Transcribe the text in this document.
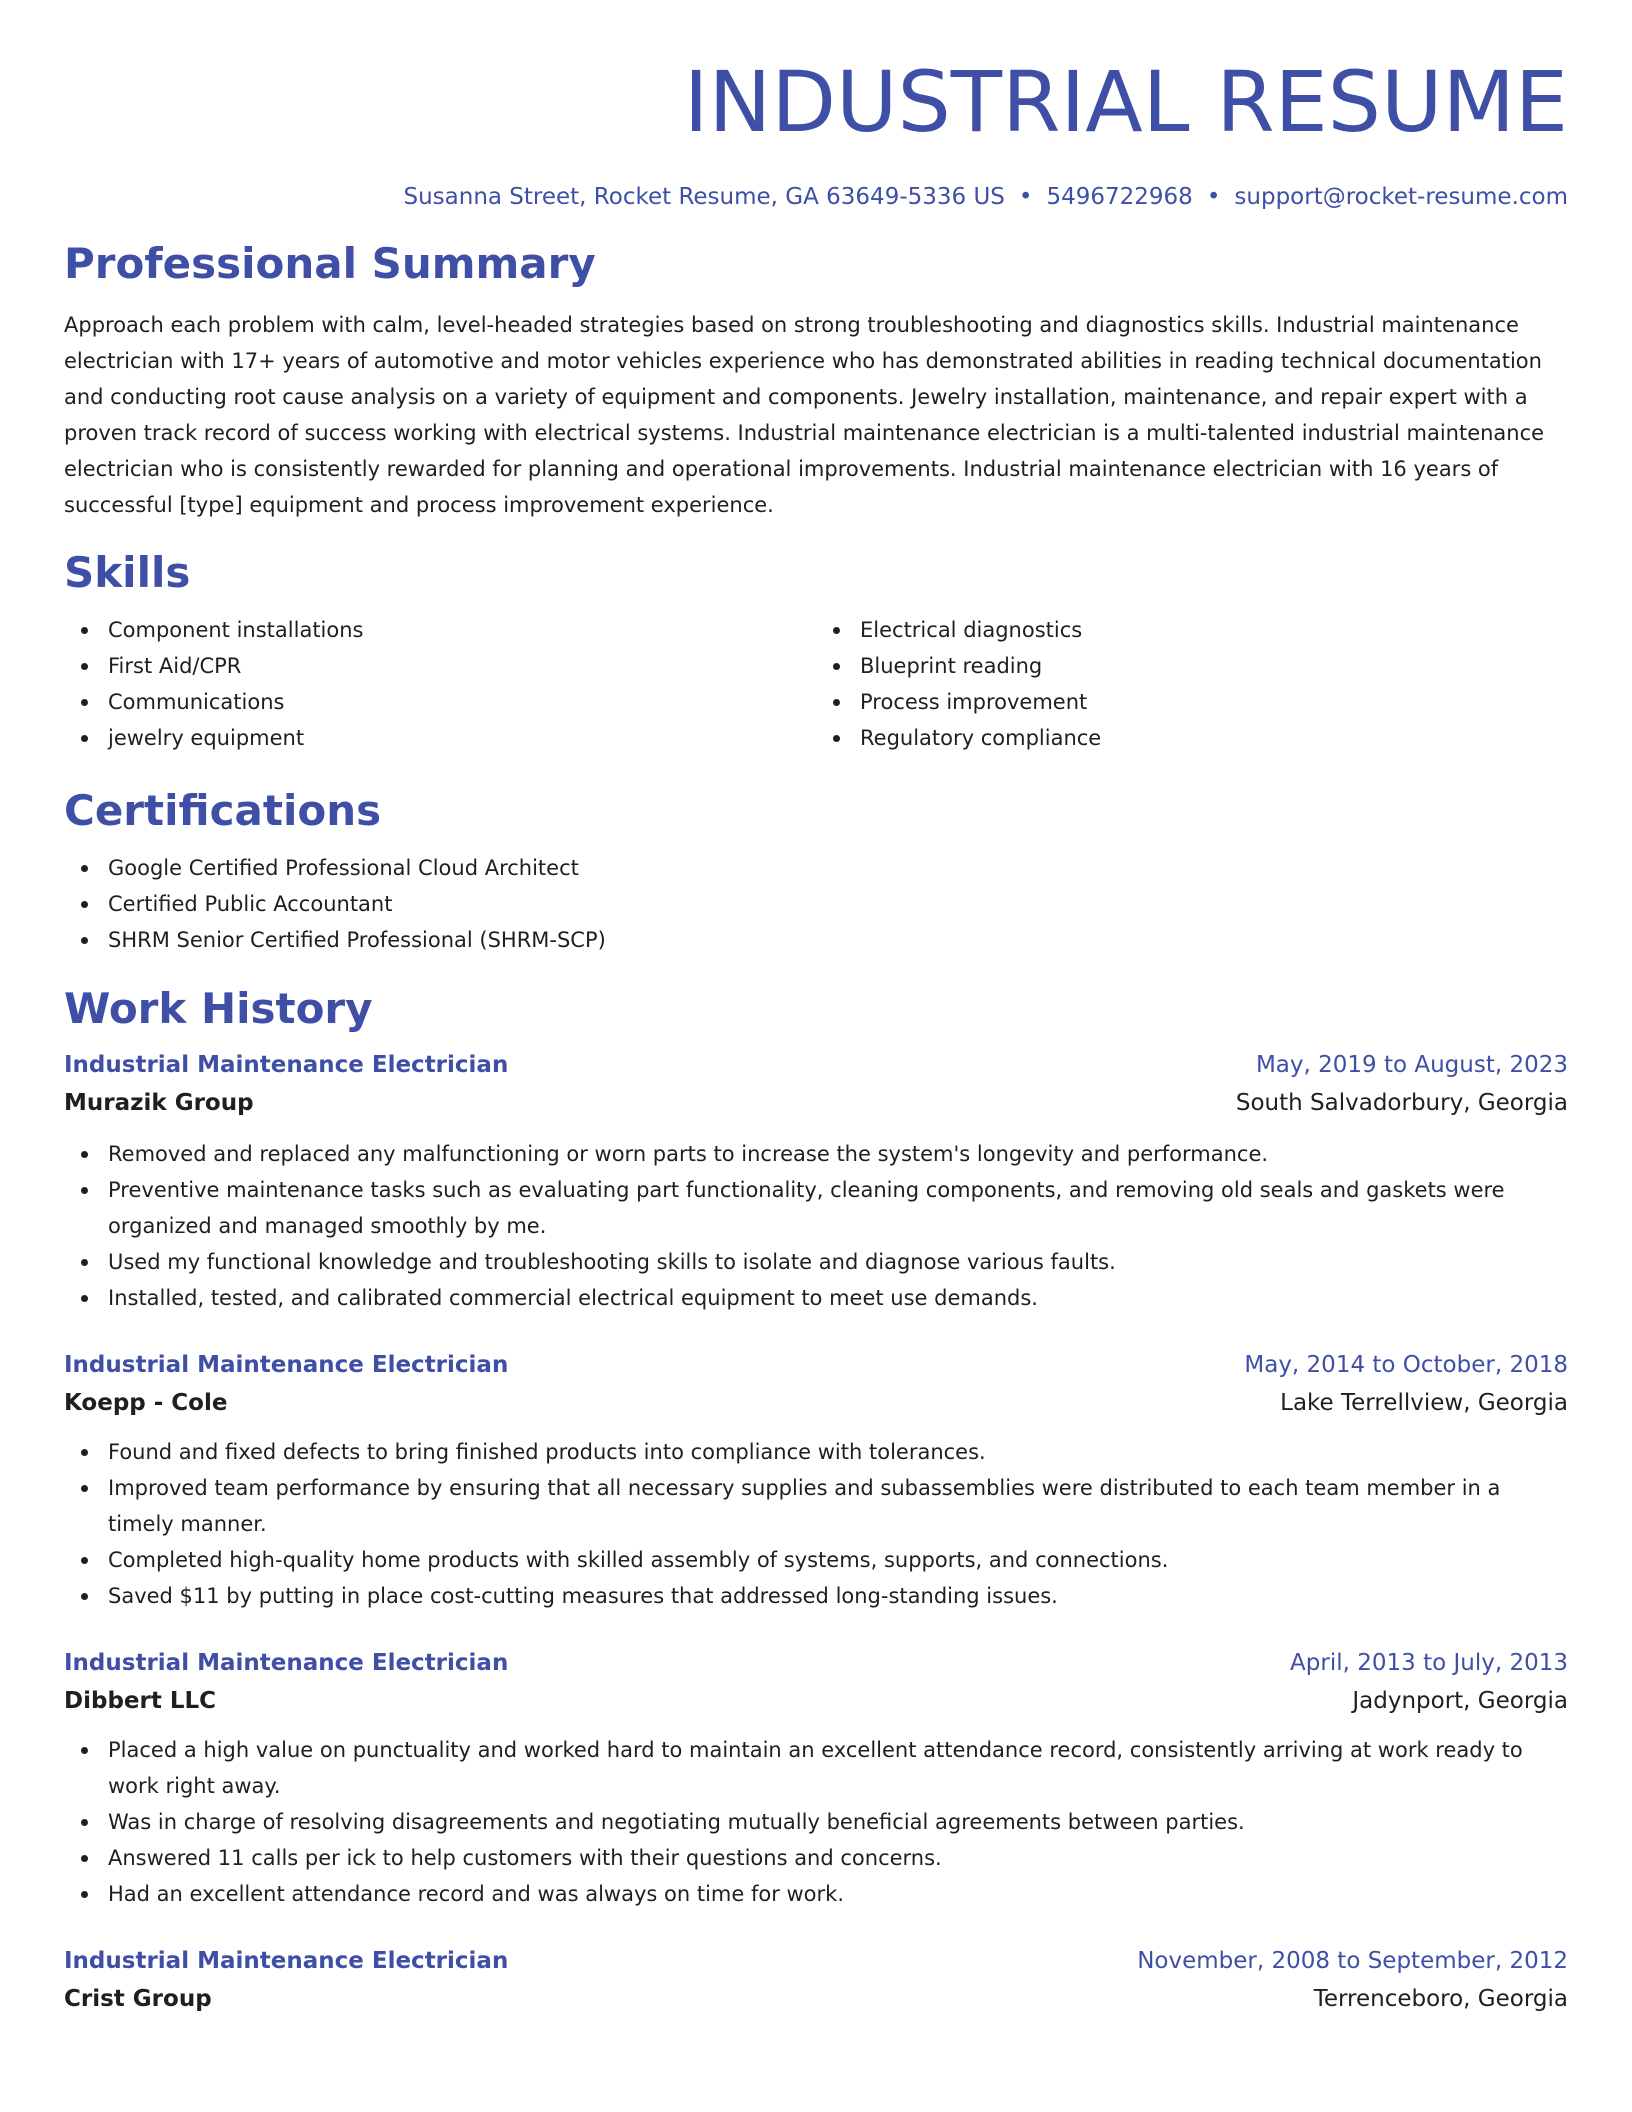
INDUSTRIAL RESUME
Susanna Street, Rocket Resume, GA 63649-5336 US • 5496722968 • support@rocket-resume.com
Professional Summary

Approach each problem with calm, level-headed strategies based on strong troubleshooting and diagnostics skills. Industrial maintenance electrician with 17+ years of automotive and motor vehicles experience who has demonstrated abilities in reading technical documentation and conducting root cause analysis on a variety of equipment and components. Jewelry installation, maintenance, and repair expert with a proven track record of success working with electrical systems. Industrial maintenance electrician is a multi-talented industrial maintenance electrician who is consistently rewarded for planning and operational improvements. Industrial maintenance electrician with 16 years of successful [type] equipment and process improvement experience.

Skills
Component installations
First Aid/CPR
Communications
jewelry equipment
Electrical diagnostics
Blueprint reading
Process improvement
Regulatory compliance
Certifications
Google Certified Professional Cloud Architect
Certified Public Accountant
SHRM Senior Certified Professional (SHRM-SCP)
Work History
Industrial Maintenance Electrician	May, 2019 to August, 2023
Murazik Group	South Salvadorbury, Georgia
Removed and replaced any malfunctioning or worn parts to increase the system's longevity and performance.
Preventive maintenance tasks such as evaluating part functionality, cleaning components, and removing old seals and gaskets were organized and managed smoothly by me.
Used my functional knowledge and troubleshooting skills to isolate and diagnose various faults.
Installed, tested, and calibrated commercial electrical equipment to meet use demands.
Industrial Maintenance Electrician	May, 2014 to October, 2018
Koepp - Cole	Lake Terrellview, Georgia
Found and fixed defects to bring finished products into compliance with tolerances.
Improved team performance by ensuring that all necessary supplies and subassemblies were distributed to each team member in a timely manner.
Completed high-quality home products with skilled assembly of systems, supports, and connections.
Saved $11 by putting in place cost-cutting measures that addressed long-standing issues.
Industrial Maintenance Electrician	April, 2013 to July, 2013
Dibbert LLC	Jadynport, Georgia
Placed a high value on punctuality and worked hard to maintain an excellent attendance record, consistently arriving at work ready to work right away.
Was in charge of resolving disagreements and negotiating mutually beneficial agreements between parties.
Answered 11 calls per ick to help customers with their questions and concerns.
Had an excellent attendance record and was always on time for work.
Industrial Maintenance Electrician	November, 2008 to September, 2012
Crist Group	Terrenceboro, Georgia
